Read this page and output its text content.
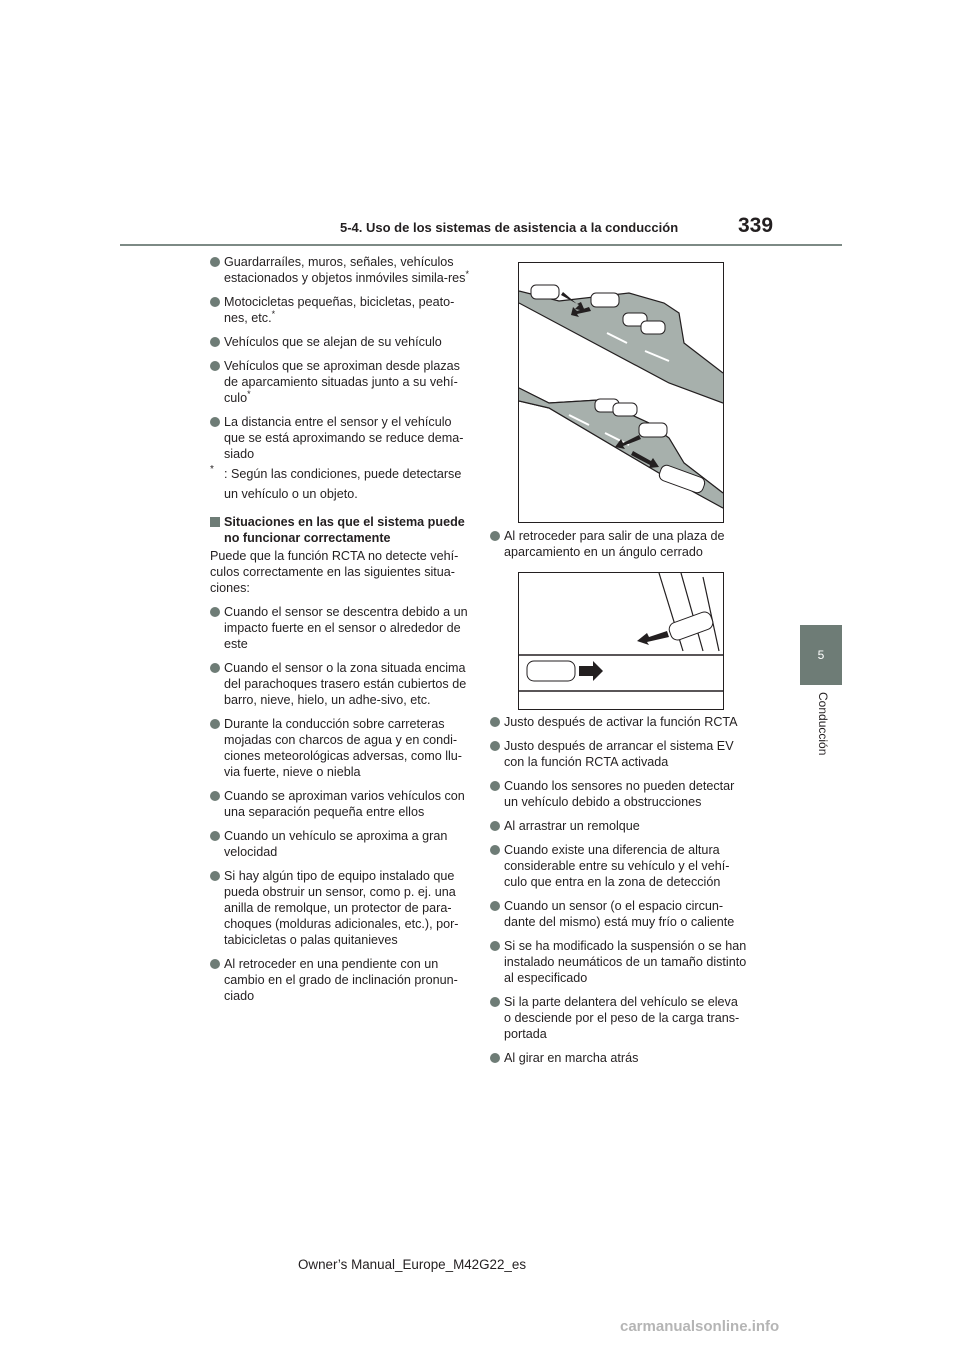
5-4. Uso de los sistemas de asistencia a la conducción	339
5
Conducción
Guardarraíles, muros, señales, vehículos estacionados y objetos inmóviles simila-res*
Motocicletas pequeñas, bicicletas, peato-nes, etc.*
Vehículos que se alejan de su vehículo
Vehículos que se aproximan desde plazas de aparcamiento situadas junto a su vehí-culo*
La distancia entre el sensor y el vehículo que se está aproximando se reduce dema-siado
* : Según las condiciones, puede detectarse un vehículo o un objeto.
Situaciones en las que el sistema puede no funcionar correctamente
Puede que la función RCTA no detecte vehí-culos correctamente en las siguientes situa-ciones:
Cuando el sensor se descentra debido a un impacto fuerte en el sensor o alrededor de este
Cuando el sensor o la zona situada encima del parachoques trasero están cubiertos de barro, nieve, hielo, un adhe-sivo, etc.
Durante la conducción sobre carreteras mojadas con charcos de agua y en condi-ciones meteorológicas adversas, como llu-via fuerte, nieve o niebla
Cuando se aproximan varios vehículos con una separación pequeña entre ellos
Cuando un vehículo se aproxima a gran velocidad
Si hay algún tipo de equipo instalado que pueda obstruir un sensor, como p. ej. una anilla de remolque, un protector de para-choques (molduras adicionales, etc.), por-tabicicletas o palas quitanieves
Al retroceder en una pendiente con un cambio en el grado de inclinación pronun-ciado
Al retroceder para salir de una plaza de aparcamiento en un ángulo cerrado
Justo después de activar la función RCTA
Justo después de arrancar el sistema EV con la función RCTA activada
Cuando los sensores no pueden detectar un vehículo debido a obstrucciones
Al arrastrar un remolque
Cuando existe una diferencia de altura considerable entre su vehículo y el vehí-culo que entra en la zona de detección
Cuando un sensor (o el espacio circun-dante del mismo) está muy frío o caliente
Si se ha modificado la suspensión o se han instalado neumáticos de un tamaño distinto al especificado
Si la parte delantera del vehículo se eleva o desciende por el peso de la carga trans-portada
Al girar en marcha atrás
Owner’s Manual_Europe_M42G22_es
carmanualsonline.info
